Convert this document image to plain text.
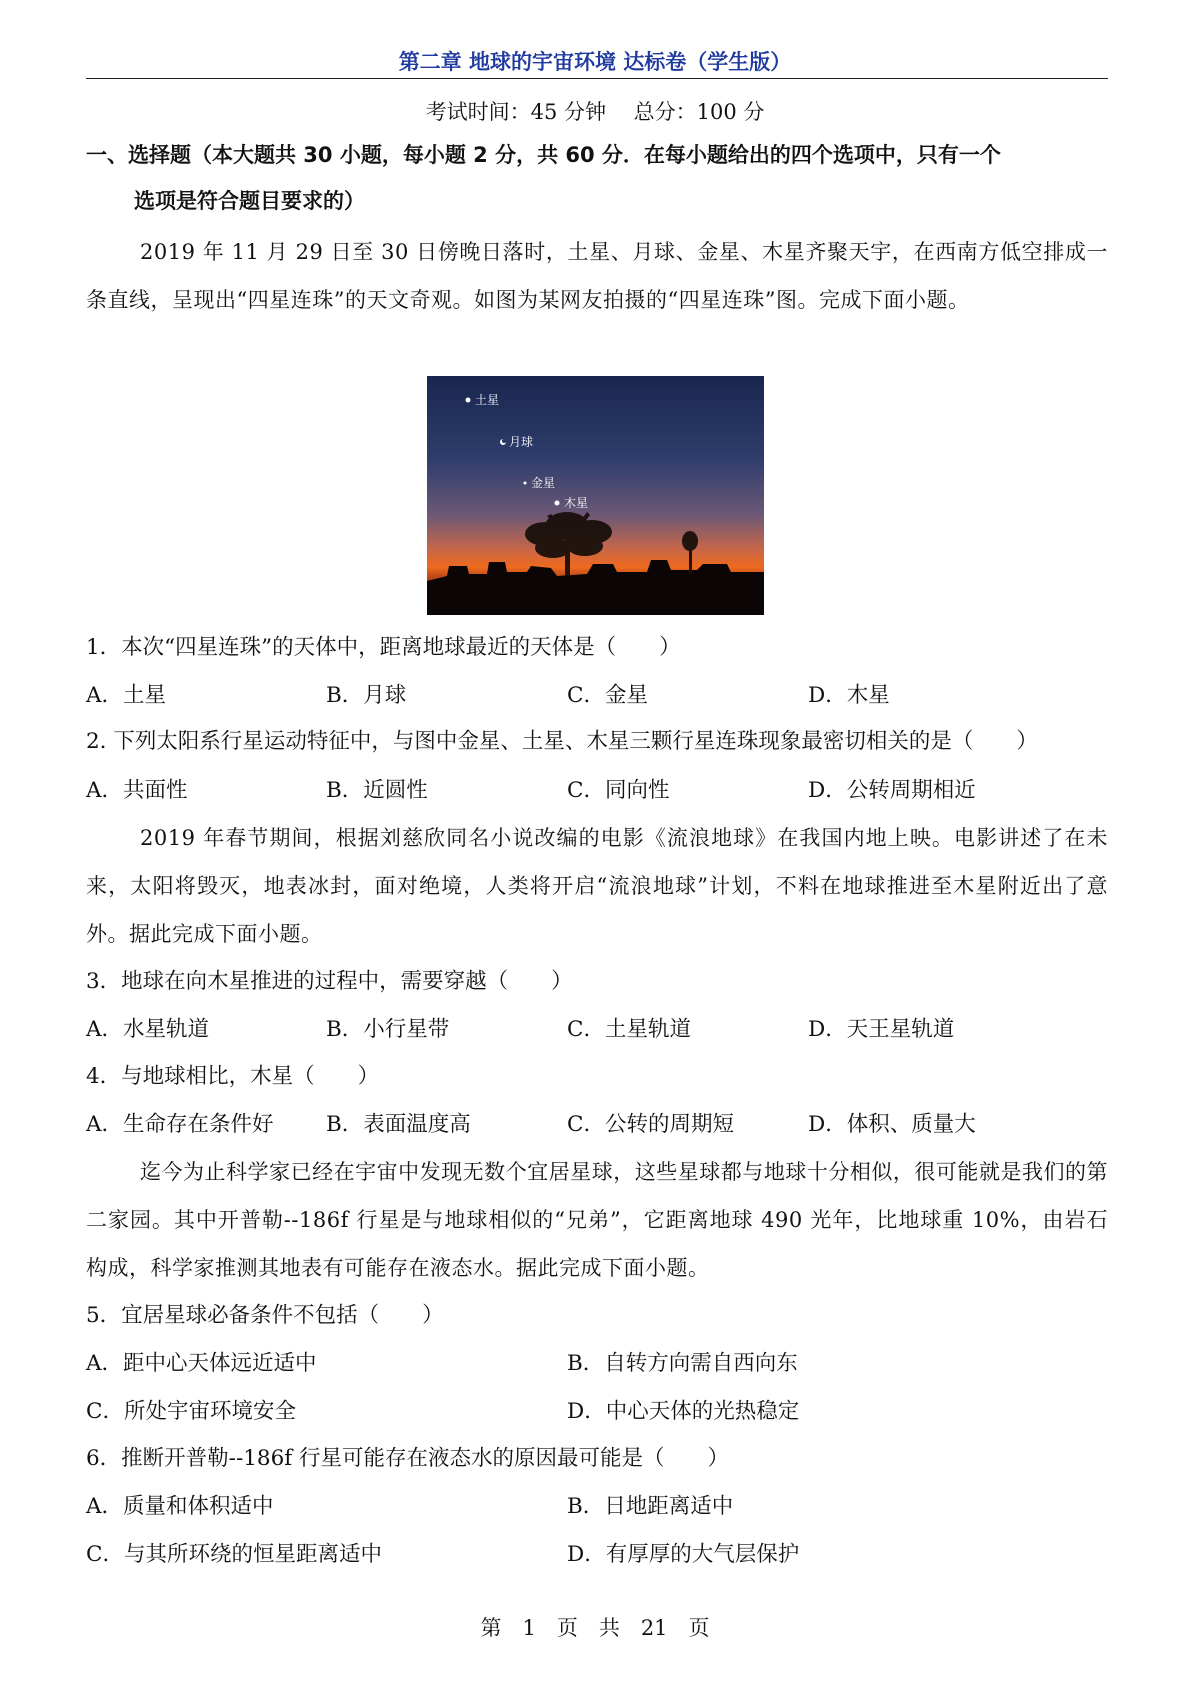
第二章 地球的宇宙环境 达标卷（学生版）
考试时间：45 分钟　 总分：100 分
一、选择题（本大题共 30 小题，每小题 2 分，共 60 分．在每小题给出的四个选项中，只有一个
选项是符合题目要求的）

2019 年 11 月 29 日至 30 日傍晚日落时，土星、月球、金星、木星齐聚天宇，在西南方低空排成一条直线，呈现出“四星连珠”的天文奇观。如图为某网友拍摄的“四星连珠”图。完成下面小题。

土星
月球
金星
木星

1．本次“四星连珠”的天体中，距离地球最近的天体是（　　）

A．土星	B．月球	C．金星	D．木星

2. 下列太阳系行星运动特征中，与图中金星、土星、木星三颗行星连珠现象最密切相关的是（　　）

A．共面性	B．近圆性	C．同向性	D．公转周期相近

2019 年春节期间，根据刘慈欣同名小说改编的电影《流浪地球》在我国内地上映。电影讲述了在未来，太阳将毁灭，地表冰封，面对绝境，人类将开启“流浪地球”计划，不料在地球推进至木星附近出了意外。据此完成下面小题。

3．地球在向木星推进的过程中，需要穿越（　　）

A．水星轨道	B．小行星带	C．土星轨道	D．天王星轨道

4．与地球相比，木星（　　）

A．生命存在条件好 B．表面温度高	C．公转的周期短	D．体积、质量大

迄今为止科学家已经在宇宙中发现无数个宜居星球，这些星球都与地球十分相似，很可能就是我们的第二家园。其中开普勒--186f 行星是与地球相似的“兄弟”，它距离地球 490 光年，比地球重 10%，由岩石构成，科学家推测其地表有可能存在液态水。据此完成下面小题。

5．宜居星球必备条件不包括（　　）

A．距中心天体远近适中	B．自转方向需自西向东
C．所处宇宙环境安全	D．中心天体的光热稳定

6．推断开普勒--186f 行星可能存在液态水的原因最可能是（　　）

A．质量和体积适中	B．日地距离适中
C．与其所环绕的恒星距离适中	D．有厚厚的大气层保护
第　1　页　共　21　页
